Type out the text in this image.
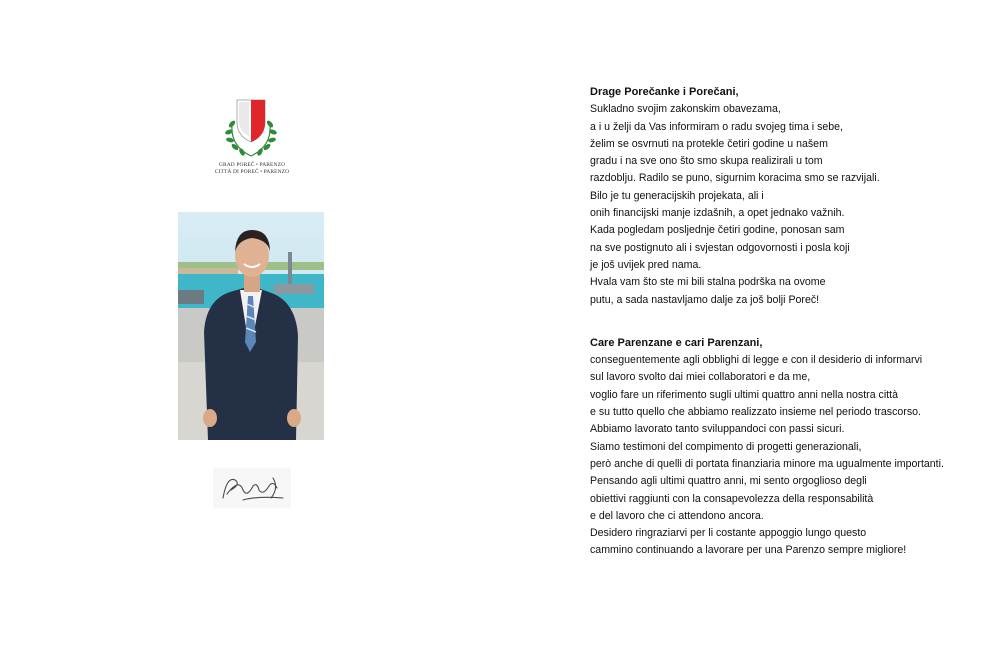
GRAD POREČ • PARENZO
CITTÀ DI POREČ • PARENZO

Drage Porečanke i Porečani,

Sukladno svojim zakonskim obavezama,
a i u želji da Vas informiram o radu svojeg tima i sebe,
želim se osvrnuti na protekle četiri godine u našem
gradu i na sve ono što smo skupa realizirali u tom
razdoblju. Radilo se puno, sigurnim koracima smo se razvijali.
Bilo je tu generacijskih projekata, ali i
onih financijski manje izdašnih, a opet jednako važnih.
Kada pogledam posljednje četiri godine, ponosan sam
na sve postignuto ali i svjestan odgovornosti i posla koji
je još uvijek pred nama.
Hvala vam što ste mi bili stalna podrška na ovome
putu, a sada nastavljamo dalje za još bolji Poreč!

Care Parenzane e cari Parenzani,

conseguentemente agli obblighi di legge e con il desiderio di informarvi
sul lavoro svolto dai miei collaboratori e da me,
voglio fare un riferimento sugli ultimi quattro anni nella nostra città
e su tutto quello che abbiamo realizzato insieme nel periodo trascorso.
Abbiamo lavorato tanto sviluppandoci con passi sicuri.
Siamo testimoni del compimento di progetti generazionali,
però anche di quelli di portata finanziaria minore ma ugualmente importanti.
Pensando agli ultimi quattro anni, mi sento orgoglioso degli
obiettivi raggiunti con la consapevolezza della responsabilità
e del lavoro che ci attendono ancora.
Desidero ringraziarvi per li costante appoggio lungo questo
cammino continuando a lavorare per una Parenzo sempre migliore!
